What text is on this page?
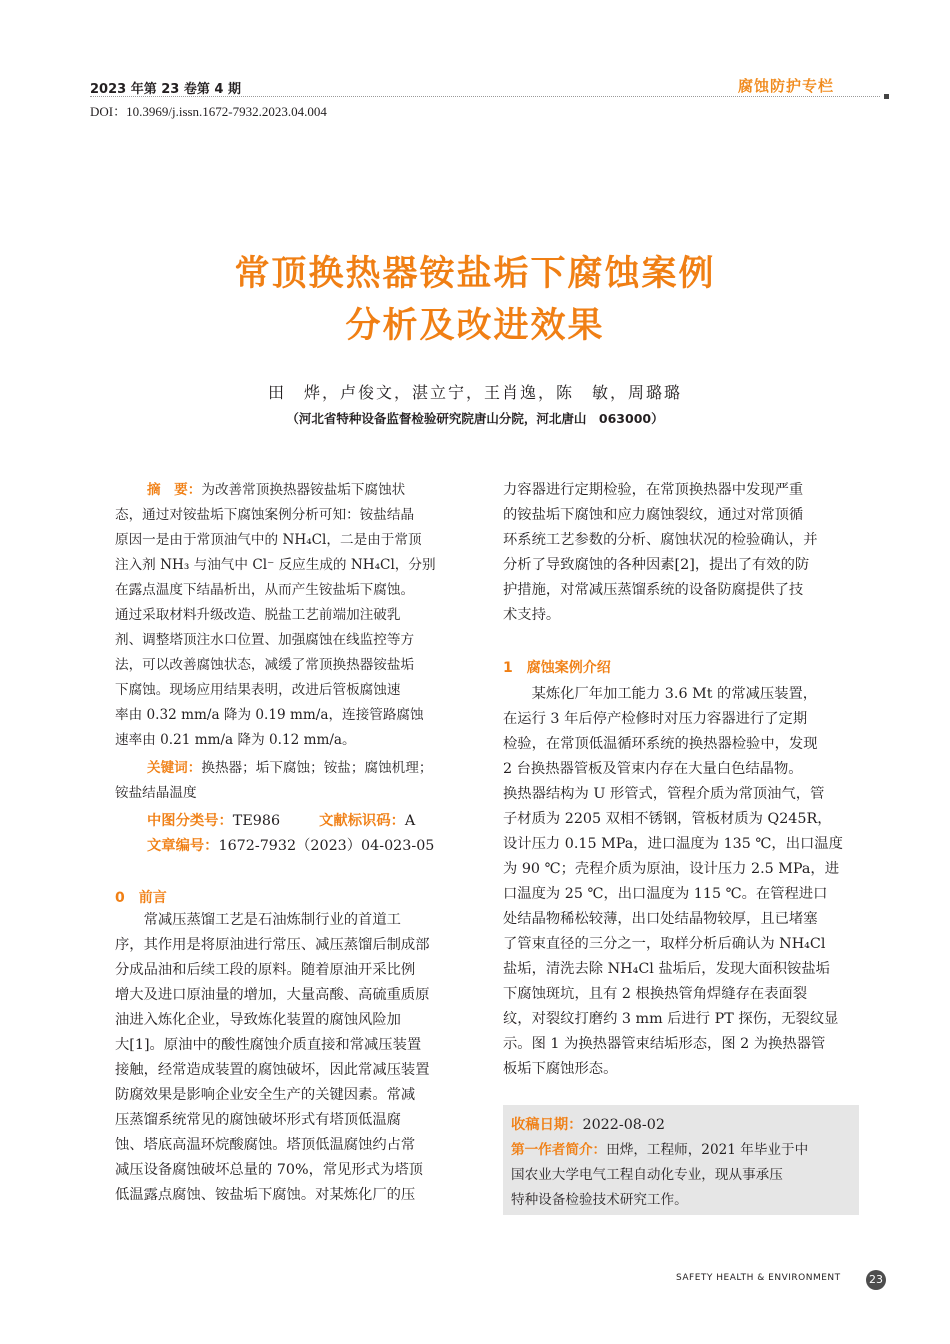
2023 年第 23 卷第 4 期
DOI：10.3969/j.issn.1672-7932.2023.04.004
腐蚀防护专栏
常顶换热器铵盐垢下腐蚀案例
分析及改进效果
田　烨，卢俊文，湛立宁，王肖逸，陈　敏，周璐璐
（河北省特种设备监督检验研究院唐山分院，河北唐山　063000）
摘　要：为改善常顶换热器铵盐垢下腐蚀状
态，通过对铵盐垢下腐蚀案例分析可知：铵盐结晶
原因一是由于常顶油气中的 NH₄Cl，二是由于常顶
注入剂 NH₃ 与油气中 Cl⁻ 反应生成的 NH₄Cl，分别
在露点温度下结晶析出，从而产生铵盐垢下腐蚀。
通过采取材料升级改造、脱盐工艺前端加注破乳
剂、调整塔顶注水口位置、加强腐蚀在线监控等方
法，可以改善腐蚀状态，减缓了常顶换热器铵盐垢
下腐蚀。现场应用结果表明，改进后管板腐蚀速
率由 0.32 mm/a 降为 0.19 mm/a，连接管路腐蚀
速率由 0.21 mm/a 降为 0.12 mm/a。
关键词：换热器；垢下腐蚀；铵盐；腐蚀机理；
铵盐结晶温度
中图分类号：TE986	文献标识码：A
文章编号：1672-7932（2023）04-023-05
0　前言
　　常减压蒸馏工艺是石油炼制行业的首道工
序，其作用是将原油进行常压、减压蒸馏后制成部
分成品油和后续工段的原料。随着原油开采比例
增大及进口原油量的增加，大量高酸、高硫重质原
油进入炼化企业，导致炼化装置的腐蚀风险加
大[1]。原油中的酸性腐蚀介质直接和常减压装置
接触，经常造成装置的腐蚀破坏，因此常减压装置
防腐效果是影响企业安全生产的关键因素。常减
压蒸馏系统常见的腐蚀破坏形式有塔顶低温腐
蚀、塔底高温环烷酸腐蚀。塔顶低温腐蚀约占常
减压设备腐蚀破坏总量的 70%，常见形式为塔顶
低温露点腐蚀、铵盐垢下腐蚀。对某炼化厂的压
力容器进行定期检验，在常顶换热器中发现严重
的铵盐垢下腐蚀和应力腐蚀裂纹，通过对常顶循
环系统工艺参数的分析、腐蚀状况的检验确认，并
分析了导致腐蚀的各种因素[2]，提出了有效的防
护措施，对常减压蒸馏系统的设备防腐提供了技
术支持。
1　腐蚀案例介绍
　　某炼化厂年加工能力 3.6 Mt 的常减压装置，
在运行 3 年后停产检修时对压力容器进行了定期
检验，在常顶低温循环系统的换热器检验中，发现
2 台换热器管板及管束内存在大量白色结晶物。
换热器结构为 U 形管式，管程介质为常顶油气，管
子材质为 2205 双相不锈钢，管板材质为 Q245R，
设计压力 0.15 MPa，进口温度为 135 ℃，出口温度
为 90 ℃；壳程介质为原油，设计压力 2.5 MPa，进
口温度为 25 ℃，出口温度为 115 ℃。在管程进口
处结晶物稀松较薄，出口处结晶物较厚，且已堵塞
了管束直径的三分之一，取样分析后确认为 NH₄Cl
盐垢，清洗去除 NH₄Cl 盐垢后，发现大面积铵盐垢
下腐蚀斑坑，且有 2 根换热管角焊缝存在表面裂
纹，对裂纹打磨约 3 mm 后进行 PT 探伤，无裂纹显
示。图 1 为换热器管束结垢形态，图 2 为换热器管
板垢下腐蚀形态。
收稿日期：2022-08-02
第一作者简介：田烨，工程师，2021 年毕业于中
国农业大学电气工程自动化专业，现从事承压
特种设备检验技术研究工作。
SAFETY HEALTH & ENVIRONMENT	23
